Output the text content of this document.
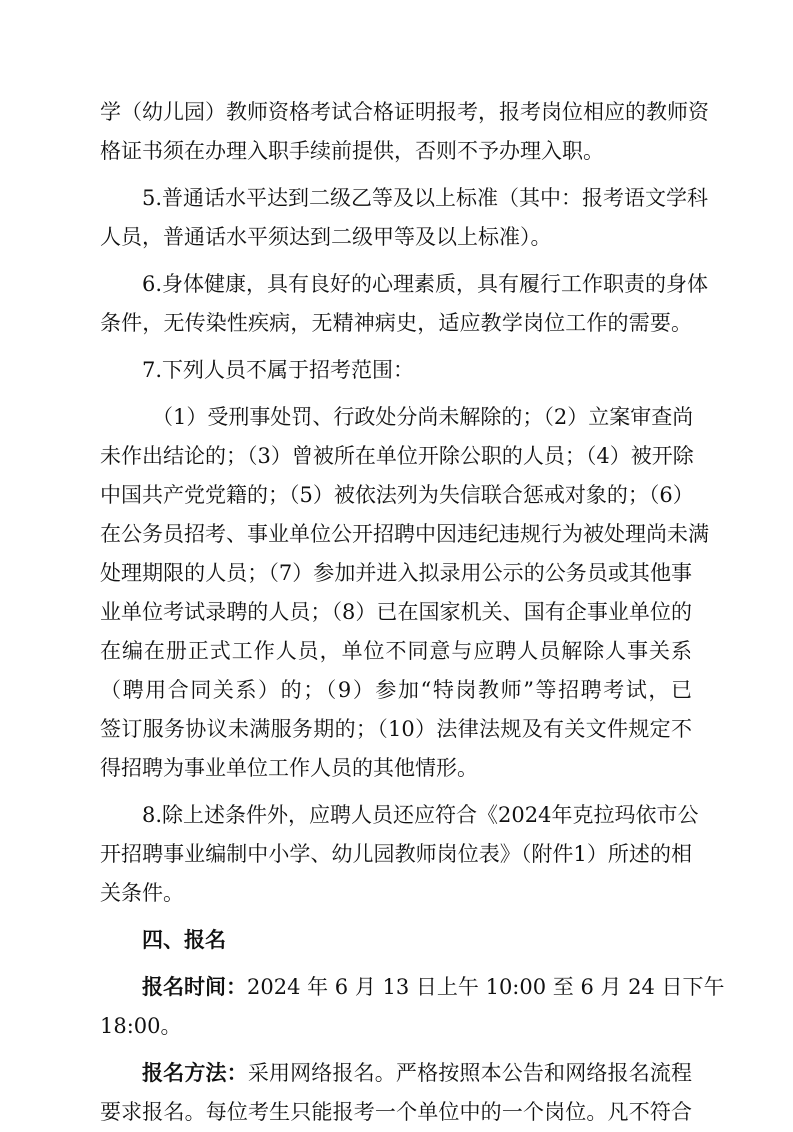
学（幼儿园）教师资格考试合格证明报考，报考岗位相应的教师资
格证书须在办理入职手续前提供，否则不予办理入职。
5.普通话水平达到二级乙等及以上标准（其中：报考语文学科
人员，普通话水平须达到二级甲等及以上标准）。
6.身体健康，具有良好的心理素质，具有履行工作职责的身体
条件，无传染性疾病，无精神病史，适应教学岗位工作的需要。
7.下列人员不属于招考范围：
（1）受刑事处罚、行政处分尚未解除的；（2）立案审查尚
未作出结论的；（3）曾被所在单位开除公职的人员；（4）被开除
中国共产党党籍的；（5）被依法列为失信联合惩戒对象的；（6）
在公务员招考、事业单位公开招聘中因违纪违规行为被处理尚未满
处理期限的人员；（7）参加并进入拟录用公示的公务员或其他事
业单位考试录聘的人员；（8）已在国家机关、国有企事业单位的
在编在册正式工作人员，单位不同意与应聘人员解除人事关系
（聘用合同关系）的；（9）参加“特岗教师”等招聘考试，已
签订服务协议未满服务期的；（10）法律法规及有关文件规定不
得招聘为事业单位工作人员的其他情形。
8.除上述条件外，应聘人员还应符合《2024年克拉玛依市公
开招聘事业编制中小学、幼儿园教师岗位表》（附件1）所述的相
关条件。
四、报名
报名时间：2024 年 6 月 13 日上午 10:00 至 6 月 24 日下午
18:00。
报名方法：采用网络报名。严格按照本公告和网络报名流程
要求报名。每位考生只能报考一个单位中的一个岗位。凡不符合
